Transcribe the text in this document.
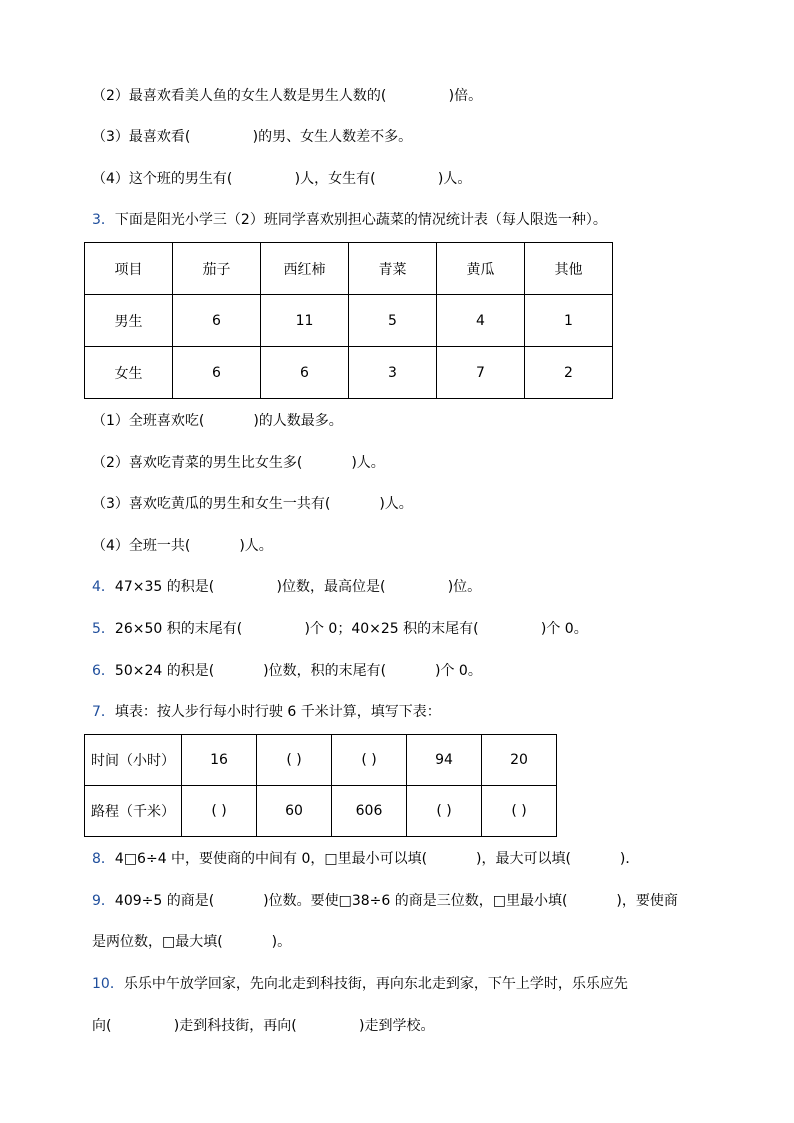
（2）最喜欢看美人鱼的女生人数是男生人数的(              )倍。
（3）最喜欢看(              )的男、女生人数差不多。
（4）这个班的男生有(              )人，女生有(              )人。
3．下面是阳光小学三（2）班同学喜欢别担心蔬菜的情况统计表（每人限选一种）。
项目	茄子	西红柿	青菜	黄瓜	其他
男生	6	11	5	4	1
女生	6	6	3	7	2
（1）全班喜欢吃(           )的人数最多。
（2）喜欢吃青菜的男生比女生多(           )人。
（3）喜欢吃黄瓜的男生和女生一共有(           )人。
（4）全班一共(           )人。
4．47×35 的积是(              )位数，最高位是(              )位。
5．26×50 积的末尾有(              )个 0；40×25 积的末尾有(              )个 0。
6．50×24 的积是(           )位数，积的末尾有(           )个 0。
7．填表：按人步行每小时行驶 6 千米计算，填写下表：
时间（小时）	16	( )	( )	94	20
路程（千米）	( )	60	606	( )	( )
8．4□6÷4 中，要使商的中间有 0，□里最小可以填(           )，最大可以填(           )．
9．409÷5 的商是(           )位数。要使□38÷6 的商是三位数，□里最小填(           )，要使商
是两位数，□最大填(           )。
10．乐乐中午放学回家，先向北走到科技街，再向东北走到家，下午上学时，乐乐应先
向(              )走到科技街，再向(              )走到学校。
